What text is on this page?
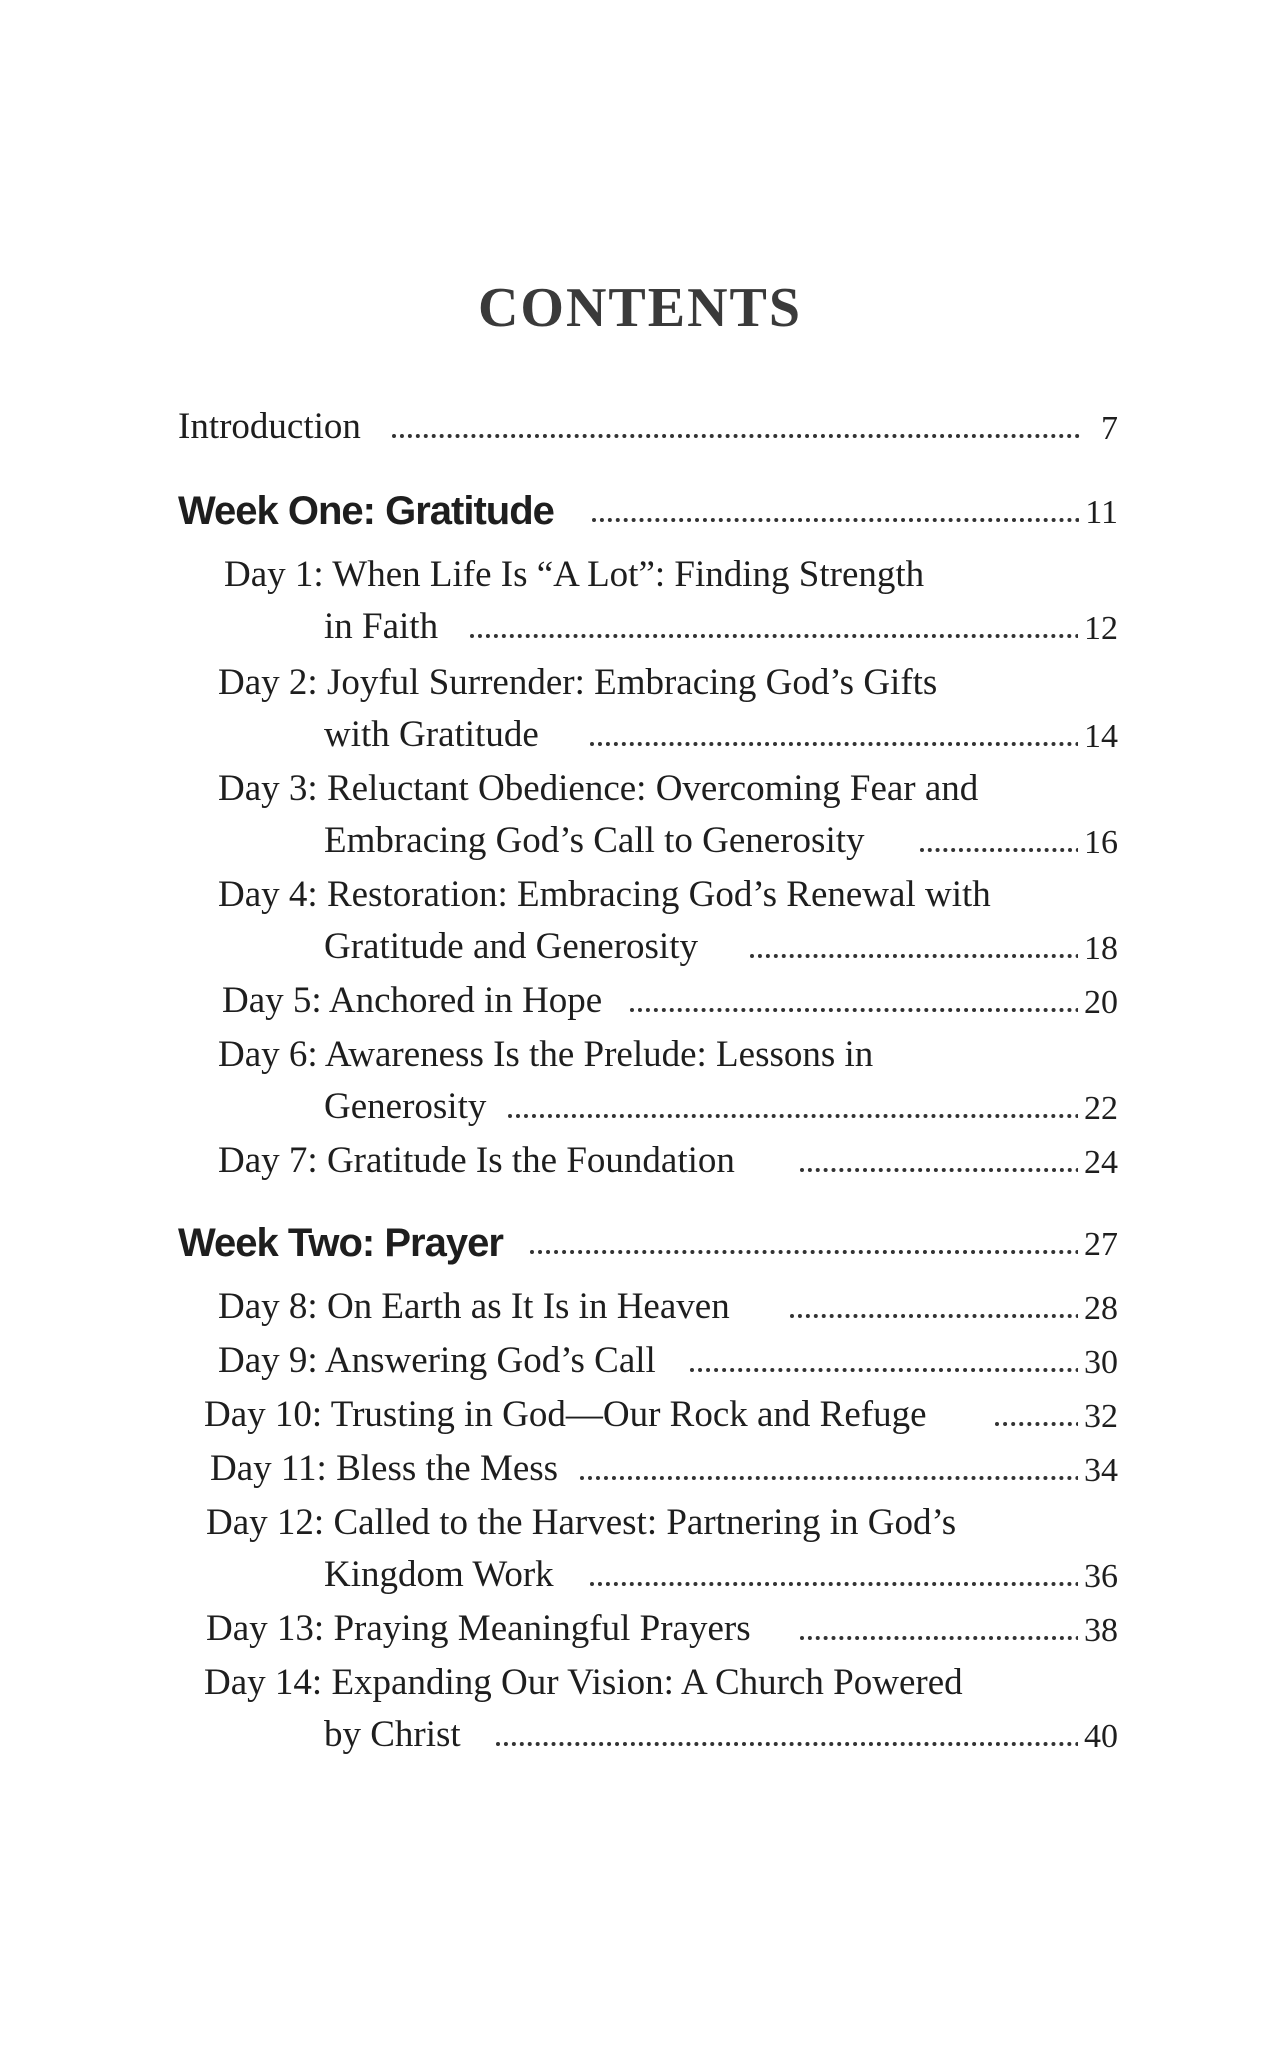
CONTENTS
Introduction	7
Week One: Gratitude	11
Day 1: When Life Is “A Lot”: Finding Strength
in Faith	12
Day 2: Joyful Surrender: Embracing God’s Gifts
with Gratitude	14
Day 3: Reluctant Obedience: Overcoming Fear and
Embracing God’s Call to Generosity	16
Day 4: Restoration: Embracing God’s Renewal with
Gratitude and Generosity	18
Day 5: Anchored in Hope	20
Day 6: Awareness Is the Prelude: Lessons in
Generosity	22
Day 7: Gratitude Is the Foundation	24
Week Two: Prayer	27
Day 8: On Earth as It Is in Heaven	28
Day 9: Answering God’s Call	30
Day 10: Trusting in God—Our Rock and Refuge	32
Day 11: Bless the Mess	34
Day 12: Called to the Harvest: Partnering in God’s
Kingdom Work	36
Day 13: Praying Meaningful Prayers	38
Day 14: Expanding Our Vision: A Church Powered
by Christ	40
